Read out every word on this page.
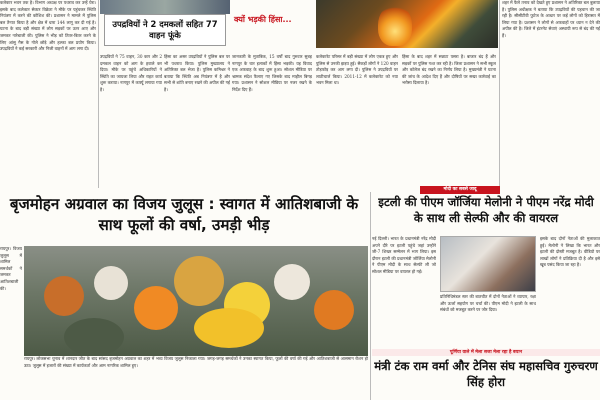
उपद्रवियों ने 2 दमकलों सहित 77 वाहन फूंके
क्यों भड़की हिंसा...

कलेक्टर भवन तक है। विभाग अध्यक्ष पर पथराव कर उन्हें घेरा। इसके बाद कलेक्टर सेक्टर विक्रेता ने मौके पर पहुंचकर स्थिति नियंत्रण में करने की कोशिश की। प्रशासन ने मामले में पुलिस बल तैनात किया है और क्षेत्र में धारा 144 लागू कर दी गई है। घटना के बाद बड़ी संख्या में लोग सड़कों पर उतर आए और जमकर नारेबाजी की। पुलिस ने भीड़ को तितर-बितर करने के लिए आंसू गैस के गोले छोड़े और हल्का बल प्रयोग किया। उपद्रवियों ने कई सरकारी और निजी वाहनों में आग लगा दी।

उपद्रवियों ने 75 वाहन, 30 कार और 2 दमकल वाहन को आग के हवाले कर दिया। मौके पर पहुंचे अधिकारियों ने स्थिति का जायजा लिया और राहत कार्य शुरू कराया। नागपुर में कर्फ्यू लगाया गया है।

हिंसा का असर उपद्रवियों ने पुलिस बल पर भी पथराव किया। पुलिस मुख्यालय ने अतिरिक्त बल भेजा है। पुलिस कमिश्नर ने बताया कि स्थिति अब नियंत्रण में है और सभी से शांति बनाए रखने की अपील की गई है।

जानकारी के मुताबिक, 15 वर्षों बाद गुरुवार सुबह नागपुर के चार इलाकों में हिंसा भड़की। यह विवाद एक अफवाह के बाद शुरू हुआ। सोशल मीडिया पर भ्रामक संदेश फैलाए गए जिसके बाद माहौल बिगड़ गया। प्रशासन ने सोशल मीडिया पर नजर रखने के निर्देश दिए हैं।

कलेक्टरेट परिसर में बड़ी संख्या में लोग एकत्र हुए और पुलिस से उनकी झड़प हुई। सैकड़ों लोगों ने 120 वाहन तोड़फोड़ कर आग लगा दी। पुलिस ने उपद्रवियों पर लाठीचार्ज किया। 2011-12 में कलेक्टरेट को नया भवन मिला था।

हिंसा के बाद शहर में सन्नाटा पसरा है। बाजार बंद हैं और सड़कों पर पुलिस गश्त कर रही है। जिला प्रशासन ने सभी स्कूल और कॉलेज बंद रखने का निर्णय लिया है। मुख्यमंत्री ने घटना की जांच के आदेश दिए हैं और दोषियों पर सख्त कार्रवाई का भरोसा दिलाया है।

शहर में फैले तनाव को देखते हुए प्रशासन ने अतिरिक्त बल बुलाया है। पुलिस अधीक्षक ने बताया कि उपद्रवियों की पहचान की जा रही है। सीसीटीवी फुटेज के आधार पर कई लोगों को हिरासत में लिया गया है। प्रशासन ने लोगों से अफवाहों पर ध्यान न देने की अपील की है। जिले में इंटरनेट सेवाएं अस्थायी रूप से बंद की गई हैं।

मोदी का सबसे जादू
बृजमोहन अग्रवाल का विजय जुलूस : स्वागत में आतिशबाजी के साथ फूलों की वर्षा, उमड़ी भीड़
इटली की पीएम जॉर्जिया मेलोनी ने पीएम नरेंद्र मोदी के साथ ली सेल्फी और की वायरल

रायपुर। लोकसभा चुनाव में शानदार जीत के बाद सांसद बृजमोहन अग्रवाल का शहर में भव्य विजय जुलूस निकाला गया। जगह-जगह समर्थकों ने उनका स्वागत किया, फूलों की वर्षा की गई और आतिशबाजी से आसमान रोशन हो उठा। जुलूस में हजारों की संख्या में कार्यकर्ता और आम नागरिक शामिल हुए।

रायपुर। विजय जुलूस में शामिल समर्थकों ने जमकर आतिशबाजी की।

नई दिल्ली। भारत के प्रधानमंत्री नरेंद्र मोदी अपने दौरे पर इटली पहुंचे जहां उन्होंने जी-7 शिखर सम्मेलन में भाग लिया। इस दौरान इटली की प्रधानमंत्री जॉर्जिया मेलोनी ने पीएम मोदी के साथ सेल्फी ली जो सोशल मीडिया पर वायरल हो गई।

प्रतिनिधिमंडल स्तर की बातचीत में दोनों नेताओं ने व्यापार, रक्षा और ऊर्जा सहयोग पर चर्चा की। पीएम मोदी ने इटली के साथ संबंधों को मजबूत करने पर जोर दिया।

इसके बाद दोनों नेताओं की मुलाकात हुई। मेलोनी ने लिखा कि भारत और इटली की दोस्ती मजबूत है। वीडियो पर लाखों लोगों ने प्रतिक्रिया दी है और इसे खूब पसंद किया जा रहा है।

पूर्णिया वाले में मेला सजा मेला रहा है बयान
मंत्री टंक राम वर्मा और टेनिस संघ महासचिव गुरुचरण सिंह होरा
